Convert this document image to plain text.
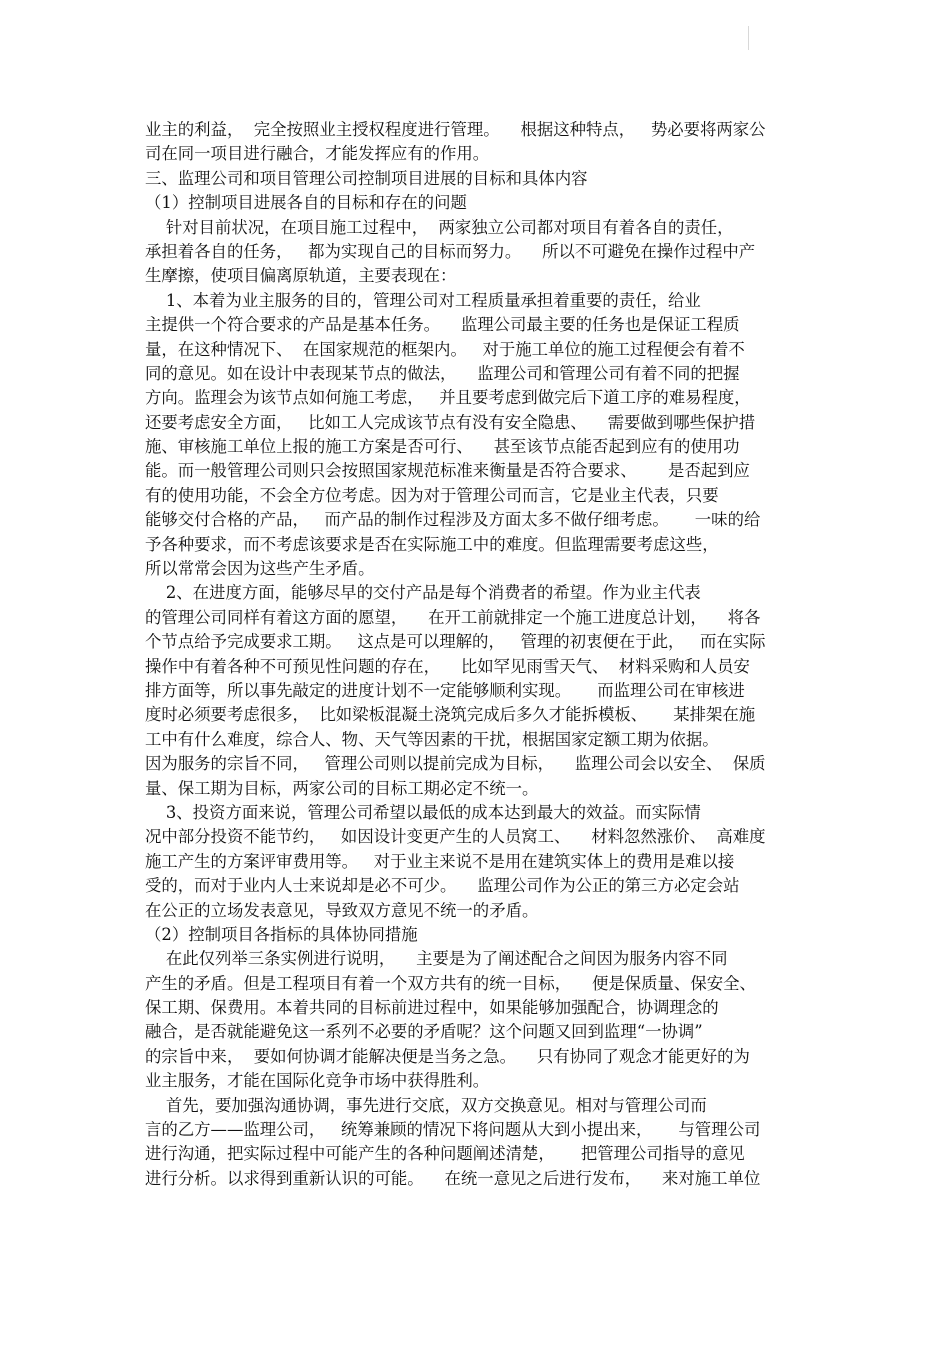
业主的利益，  完全按照业主授权程度进行管理。    根据这种特点，   势必要将两家公
司在同一项目进行融合，才能发挥应有的作用。
三、监理公司和项目管理公司控制项目进展的目标和具体内容
（1）控制项目进展各自的目标和存在的问题
针对目前状况，在项目施工过程中，  两家独立公司都对项目有着各自的责任，
承担着各自的任务，   都为实现自己的目标而努力。    所以不可避免在操作过程中产
生摩擦，使项目偏离原轨道，主要表现在：
1、本着为业主服务的目的，管理公司对工程质量承担着重要的责任，给业
主提供一个符合要求的产品是基本任务。    监理公司最主要的任务也是保证工程质
量，在这种情况下、  在国家规范的框架内。   对于施工单位的施工过程便会有着不
同的意见。如在设计中表现某节点的做法，    监理公司和管理公司有着不同的把握
方向。监理会为该节点如何施工考虑，   并且要考虑到做完后下道工序的难易程度，
还要考虑安全方面，   比如工人完成该节点有没有安全隐患、    需要做到哪些保护措
施、审核施工单位上报的施工方案是否可行、    甚至该节点能否起到应有的使用功
能。而一般管理公司则只会按照国家规范标准来衡量是否符合要求、      是否起到应
有的使用功能，不会全方位考虑。因为对于管理公司而言，它是业主代表，只要
能够交付合格的产品，   而产品的制作过程涉及方面太多不做仔细考虑。     一味的给
予各种要求，而不考虑该要求是否在实际施工中的难度。但监理需要考虑这些，
所以常常会因为这些产生矛盾。
2、在进度方面，能够尽早的交付产品是每个消费者的希望。作为业主代表
的管理公司同样有着这方面的愿望，    在开工前就排定一个施工进度总计划，    将各
个节点给予完成要求工期。   这点是可以理解的，   管理的初衷便在于此，   而在实际
操作中有着各种不可预见性问题的存在，    比如罕见雨雪天气、  材料采购和人员安
排方面等，所以事先敲定的进度计划不一定能够顺利实现。     而监理公司在审核进
度时必须要考虑很多，  比如梁板混凝土浇筑完成后多久才能拆模板、     某排架在施
工中有什么难度，综合人、物、天气等因素的干扰，根据国家定额工期为依据。
因为服务的宗旨不同，   管理公司则以提前完成为目标，    监理公司会以安全、  保质
量、保工期为目标，两家公司的目标工期必定不统一。
3、投资方面来说，管理公司希望以最低的成本达到最大的效益。而实际情
况中部分投资不能节约，   如因设计变更产生的人员窝工、    材料忽然涨价、  高难度
施工产生的方案评审费用等。   对于业主来说不是用在建筑实体上的费用是难以接
受的，而对于业内人士来说却是必不可少。    监理公司作为公正的第三方必定会站
在公正的立场发表意见，导致双方意见不统一的矛盾。
（2）控制项目各指标的具体协同措施
在此仅列举三条实例进行说明，    主要是为了阐述配合之间因为服务内容不同
产生的矛盾。但是工程项目有着一个双方共有的统一目标，    便是保质量、保安全、
保工期、保费用。本着共同的目标前进过程中，如果能够加强配合，协调理念的
融合，是否就能避免这一系列不必要的矛盾呢？这个问题又回到监理“一协调”
的宗旨中来，  要如何协调才能解决便是当务之急。    只有协同了观念才能更好的为
业主服务，才能在国际化竞争市场中获得胜利。
首先，要加强沟通协调，事先进行交底，双方交换意见。相对与管理公司而
言的乙方——监理公司，   统筹兼顾的情况下将问题从大到小提出来，     与管理公司
进行沟通，把实际过程中可能产生的各种问题阐述清楚，     把管理公司指导的意见
进行分析。以求得到重新认识的可能。    在统一意见之后进行发布，    来对施工单位
